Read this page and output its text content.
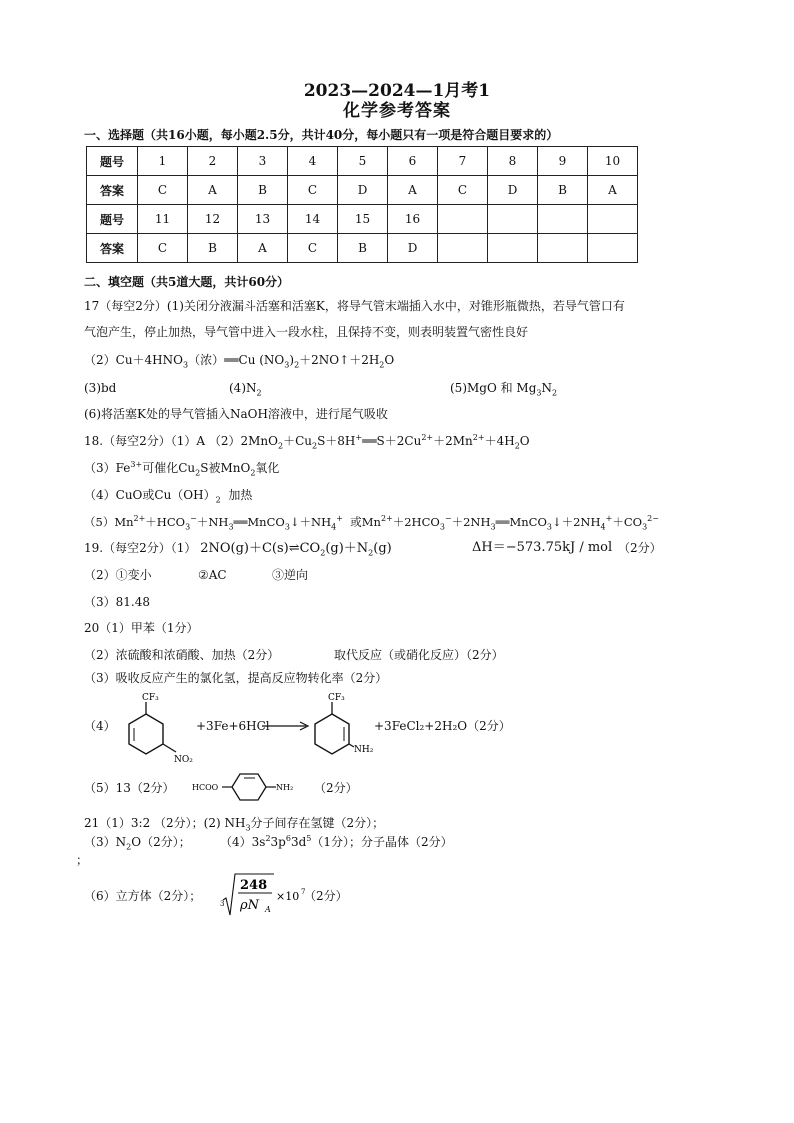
2023—2024—1月考1
化学参考答案
一、选择题（共16小题，每小题2.5分，共计40分，每小题只有一项是符合题目要求的）
题号	1	2	3	4	5	6	7	8	9	10
答案	C	A	B	C	D	A	C	D	B	A
题号	11	12	13	14	15	16				
答案	C	B	A	C	B	D				
二、填空题（共5道大题，共计60分）
17（每空2分）(1)关闭分液漏斗活塞和活塞K，将导气管末端插入水中，对锥形瓶微热，若导气管口有
气泡产生，停止加热，导气管中进入一段水柱，且保持不变，则表明装置气密性良好
$(2)Cu+4HNO_3$（浓）══Cu $(NO_3)_2+2NO↑+2H_2O$
(3)bd	$(4)N_2$	(5)MgO 和 $Mg_3N_2$
(6)将活塞K处的导气管插入NaOH溶液中，进行尾气吸收
18.（每空2分）（1）A $(2)2MnO_2+Cu_2S+8H^+══S+2Cu^{2+}+2Mn^{2+}+4H_2O$
$(3)Fe^{3+}$可催化$Cu_2S$被MnO$_2$氧化
（4）CuO或$Cu(OH)_2$ 加热
$(5)Mn^{2+}+HCO_3^-+NH_3══MnCO_3↓+NH_4^+$ 或$Mn^{2+}+2HCO_3^-+2NH_3══MnCO_3↓+2NH_4^++CO_3^{2-}$
19.（每空2分）（1） $2NO(g)+C(s)\rightleftharpoons CO_2(g)+N_2(g)$	ΔH＝−573.75kJ / mol （2分）
（2）①变小	②AC	③逆向
（3）81.48
20（1）甲苯（1分）
（2）浓硫酸和浓硝酸、加热（2分）	取代反应（或硝化反应）（2分）
（3）吸收反应产生的氯化氢，提高反应物转化率（2分）
（4）
CF₃
NO₂
+3Fe+6HCl
CF₃
NH₂
+3FeCl₂+2H₂O（2分）
（5）13（2分） HCOO	NH₂ （2分）
21（1）3:2 （2分）；(2) $NH_3$分子间存在氢键（2分）；
$(3)N_2O(2$分）； $(4)3s^23p^63d^5(1$分）；分子晶体（2分）
；
（6）立方体（2分）；
3
248
ρN A
×10 7
（2分）
